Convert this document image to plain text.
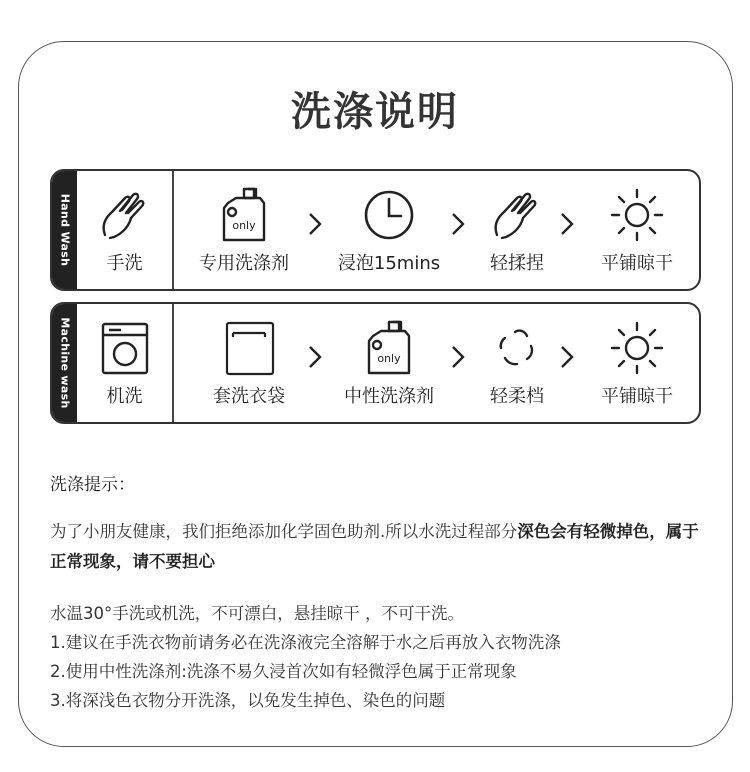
洗涤说明
Hand Wash	手洗
only
专用洗涤剂	浸泡15mins	轻揉捏	平铺晾干
Machine wash	机洗	套洗衣袋
only
中性洗涤剂	轻柔档	平铺晾干
洗涤提示：
为了小朋友健康，我们拒绝添加化学固色助剂.所以水洗过程部分深色会有轻微掉色，属于正常现象，请不要担心
水温30°手洗或机洗，不可漂白，悬挂晾干 ，不可干洗。
1.建议在手洗衣物前请务必在洗涤液完全溶解于水之后再放入衣物洗涤
2.使用中性洗涤剂:洗涤不易久浸首次如有轻微浮色属于正常现象
3.将深浅色衣物分开洗涤，以免发生掉色、染色的问题
